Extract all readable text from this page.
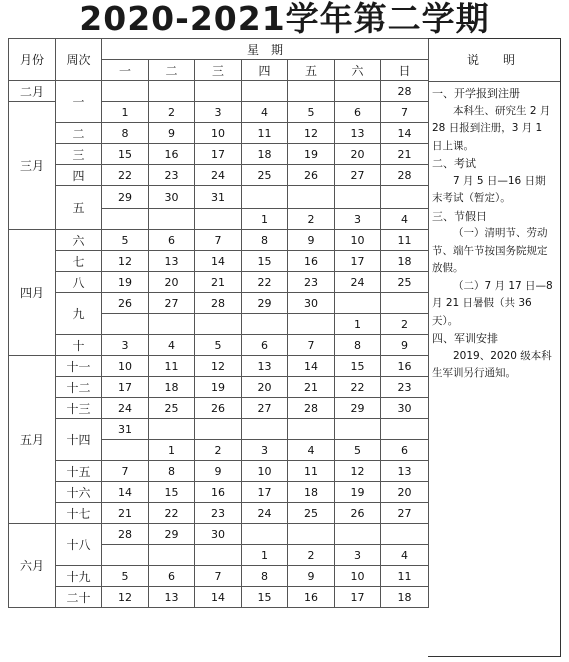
2020-2021学年第二学期
月份	周次	星　期						
		一	二	三	四	五	六	日
二月	一							28
三月		1	2	3	4	5	6	7
	二	8	9	10	11	12	13	14
	三	15	16	17	18	19	20	21
	四	22	23	24	25	26	27	28
	五	29	30	31				
					1	2	3	4
四月	六	5	6	7	8	9	10	11
	七	12	13	14	15	16	17	18
	八	19	20	21	22	23	24	25
	九	26	27	28	29	30		
							1	2
	十	3	4	5	6	7	8	9
五月	十一	10	11	12	13	14	15	16
	十二	17	18	19	20	21	22	23
	十三	24	25	26	27	28	29	30
	十四	31						
			1	2	3	4	5	6
	十五	7	8	9	10	11	12	13
	十六	14	15	16	17	18	19	20
	十七	21	22	23	24	25	26	27
六月	十八	28	29	30				
					1	2	3	4
	十九	5	6	7	8	9	10	11
	二十	12	13	14	15	16	17	18
说　明
一、开学报到注册
本科生、研究生 2 月 28 日报到注册，3 月 1 日上课。
二、考试
7 月 5 日—16 日期末考试（暂定）。
三、节假日
（一）清明节、劳动节、端午节按国务院规定放假。
（二）7 月 17 日—8 月 21 日暑假（共 36 天）。
四、军训安排
2019、2020 级本科生军训另行通知。
